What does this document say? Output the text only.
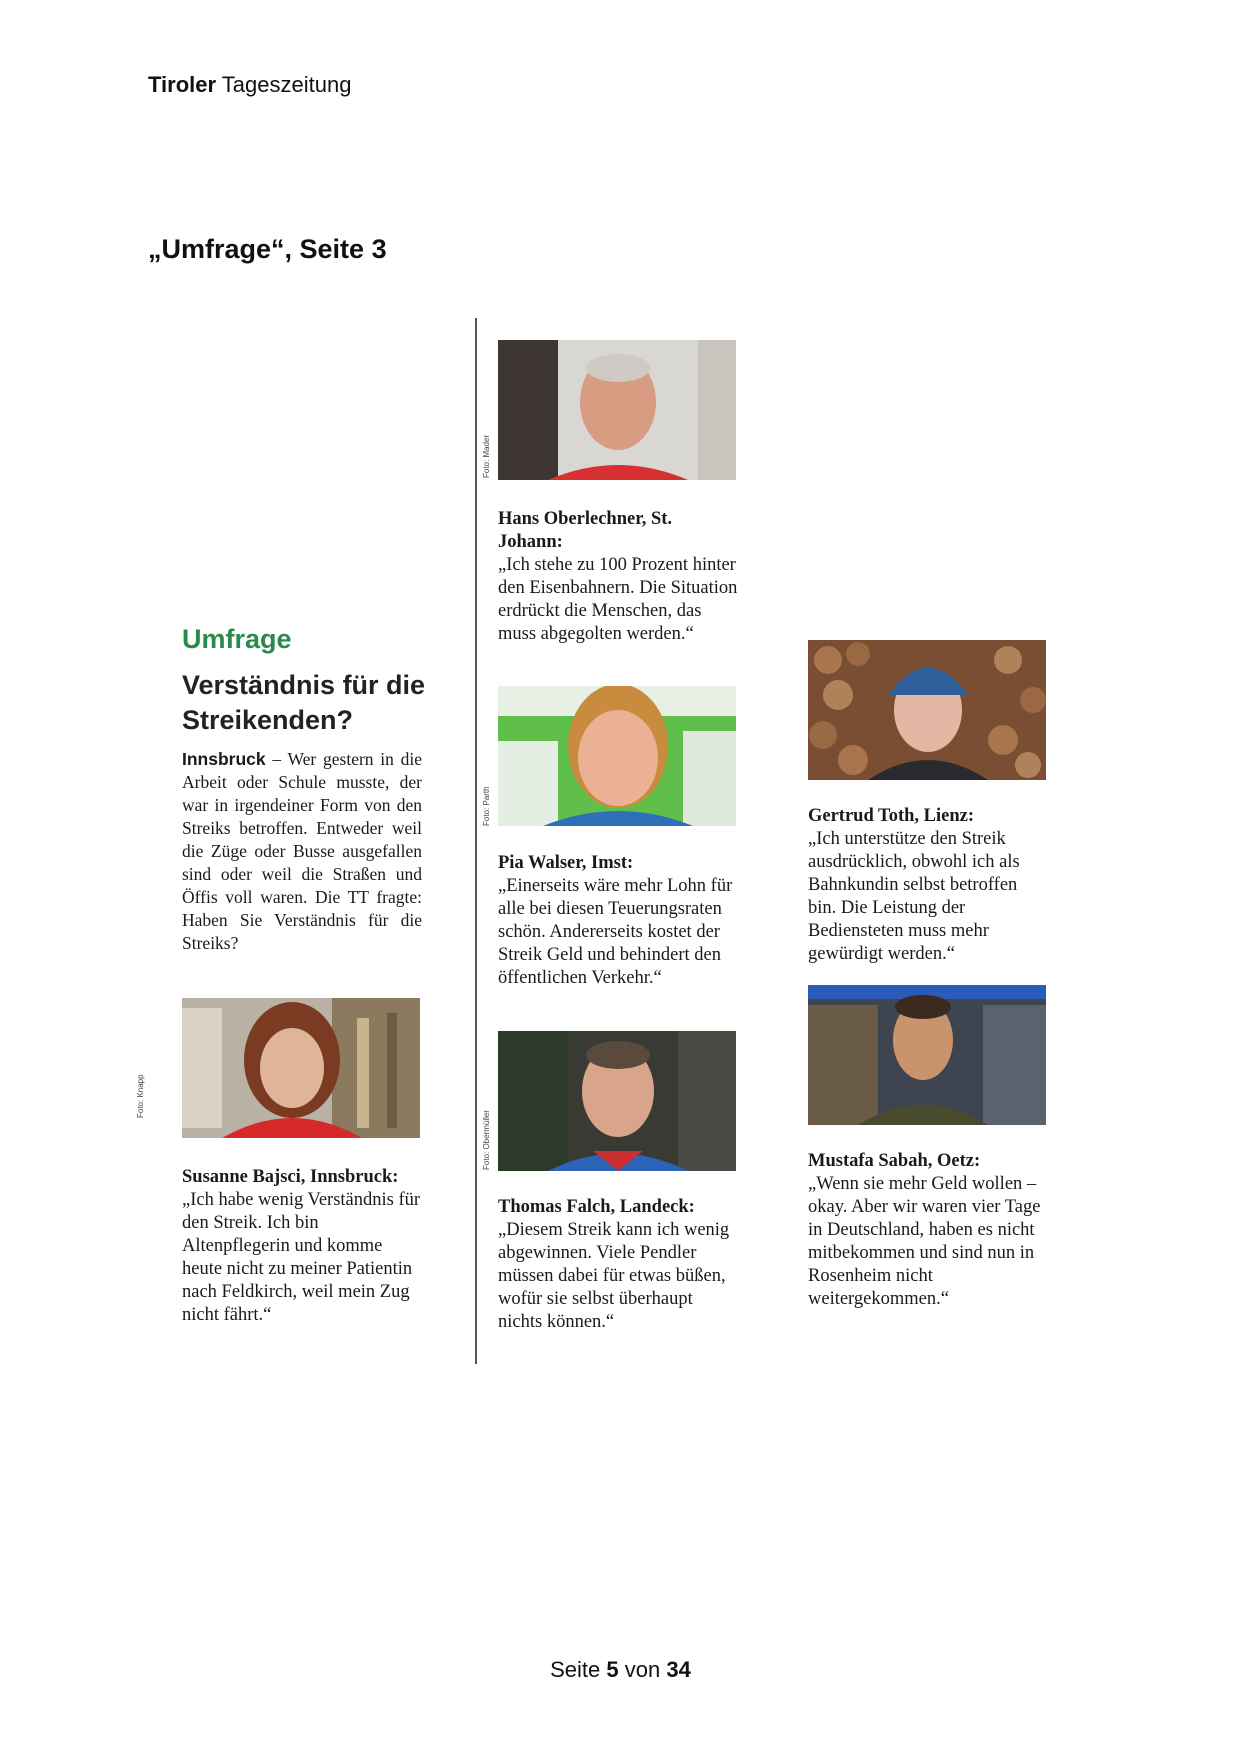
Tiroler Tageszeitung
„Umfrage“, Seite 3
Umfrage
Verständnis für die Streikenden?
Innsbruck – Wer gestern in die Arbeit oder Schule musste, der war in irgendeiner Form von den Streiks betroffen. Entweder weil die Züge oder Busse ausgefallen sind oder weil die Straßen und Öffis voll waren. Die TT fragte: Haben Sie Verständnis für die Streiks?
Foto: Knapp
Susanne Bajsci, Innsbruck:
„Ich habe wenig Verständnis für den Streik. Ich bin Altenpflegerin und komme heute nicht zu meiner Patientin nach Feldkirch, weil mein Zug nicht fährt.“
Foto: Mader
Hans Oberlechner, St. Johann:
„Ich stehe zu 100 Prozent hinter den Eisenbahnern. Die Situation erdrückt die Menschen, das muss abgegolten werden.“
Foto: Parth
Pia Walser, Imst:
„Einerseits wäre mehr Lohn für alle bei diesen Teuerungsraten schön. Andererseits kostet der Streik Geld und behindert den öffentlichen Verkehr.“
Foto: Obermüller
Thomas Falch, Landeck:
„Diesem Streik kann ich wenig abgewinnen. Viele Pendler müssen dabei für etwas büßen, wofür sie selbst überhaupt nichts können.“
Gertrud Toth, Lienz:
„Ich unterstütze den Streik ausdrücklich, obwohl ich als Bahnkundin selbst betroffen bin. Die Leistung der Bediensteten muss mehr gewürdigt werden.“
Mustafa Sabah, Oetz:
„Wenn sie mehr Geld wollen – okay. Aber wir waren vier Tage in Deutschland, haben es nicht mitbekommen und sind nun in Rosenheim nicht weitergekommen.“
Seite 5 von 34
